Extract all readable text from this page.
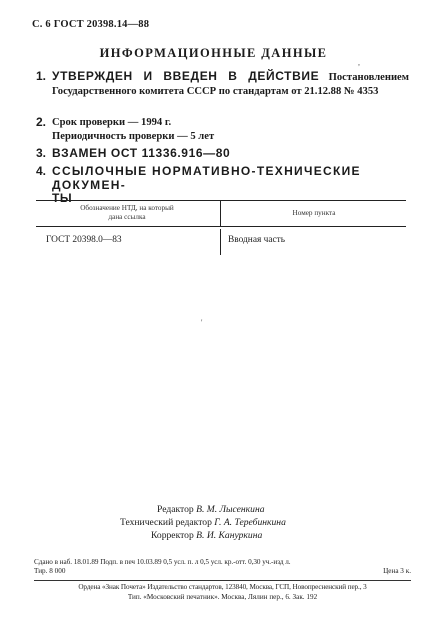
С. 6 ГОСТ 20398.14—88
ИНФОРМАЦИОННЫЕ ДАННЫЕ
,
1. УТВЕРЖДЕН И ВВЕДЕН В ДЕЙСТВИЕ Постановлением Государственного комитета СССР по стандартам от 21.12.88 № 4353
2. Срок проверки — 1994 г.
Периодичность проверки — 5 лет
3. ВЗАМЕН ОСТ 11336.916—80
4. ССЫЛОЧНЫЕ НОРМАТИВНО-ТЕХНИЧЕСКИЕ ДОКУМЕН-
ТЫ
Обозначение НТД, на который
дана ссылка	Номер пункта
ГОСТ 20398.0—83	Вводная часть
'
Редактор В. М. Лысенкина
Технический редактор Г. А. Теребинкина
Корректор В. И. Кануркина
Сдано в наб. 18.01.89 Подп. в печ 10.03.89 0,5 усл. п. л 0,5 усл. кр.-отт. 0,30 уч.-изд л.
Тир. 8 000	Цена 3 к.
Ордена «Знак Почета» Издательство стандартов, 123840, Москва, ГСП, Новопресненский пер., 3
Тип. «Московский печатник». Москва, Лялин пер., 6. Зак. 192
